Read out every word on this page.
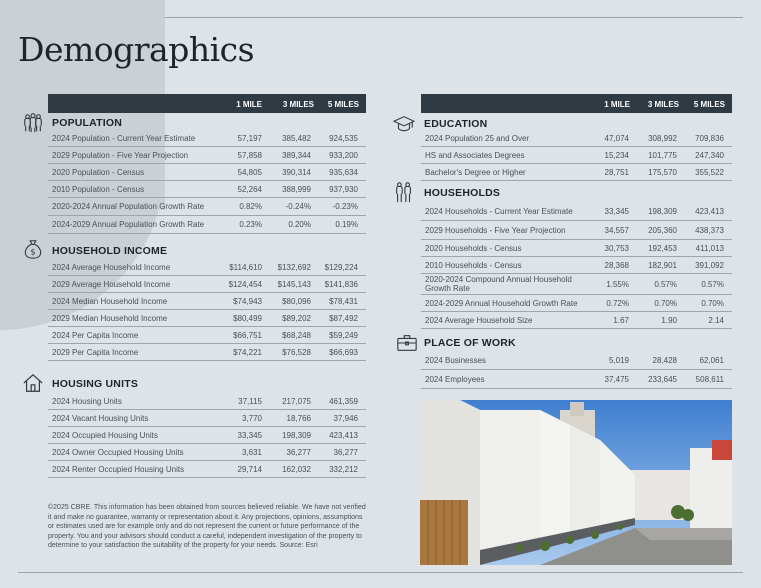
Demographics
1 MILE	3 MILES 5 MILES
POPULATION
2024 Population - Current Year Estimate	57,197	385,482 924,535
2029 Population - Five Year Projection	57,858	389,344 933,200
2020 Population - Census	54,805	390,314 935,634
2010 Population - Census	52,264	388,999 937,930
2020-2024 Annual Population Growth Rate	0.82%	-0.24%	-0.23%
2024-2029 Annual Population Growth Rate	0.23%	0.20%	0.19%
$ HOUSEHOLD INCOME
2024 Average Household Income	$114,610 $132,692 $129,224
2029 Average Household Income	$124,454 $145,143 $141,836
2024 Median Household Income	$74,943	$80,096 $78,431
2029 Median Household Income	$80,499	$89,202 $87,492
2024 Per Capita Income	$66,751	$68,248 $59,249
2029 Per Capita Income	$74,221	$76,528 $66,693
HOUSING UNITS
2024 Housing Units	37,115	217,075 461,359
2024 Vacant Housing Units	3,770	18,766	37,946
2024 Occupied Housing Units	33,345	198,309 423,413
2024 Owner Occupied Housing Units	3,631	36,277	36,277
2024 Renter Occupied Housing Units	29,714	162,032 332,212
1 MILE 3 MILES 5 MILES
EDUCATION
2024 Population 25 and Over	47,074 308,992 709,836
HS and Associates Degrees	15,234 101,775 247,340
Bachelor's Degree or Higher	28,751 175,570 355,522
HOUSEHOLDS
2024 Households - Current Year Estimate	33,345 198,309 423,413
2029 Households - Five Year Projection	34,557 205,360 438,373
2020 Households - Census	30,753 192,453 411,013
2010 Households - Census	28,368 182,901 391,092
2020-2024 Compound Annual Household Growth Rate	1.55%	0.57%	0.57%
2024-2029 Annual Household Growth Rate	0.72%	0.70%	0.70%
2024 Average Household Size	1.67	1.90	2.14
PLACE OF WORK
2024 Businesses	5,019	28,428	62,061
2024 Employees	37,475 233,645 508,611
©2025 CBRE. This information has been obtained from sources believed reliable. We have not verified it and make no guarantee, warranty or representation about it. Any projections, opinions, assumptions or estimates used are for example only and do not represent the current or future performance of the property. You and your advisors should conduct a careful, independent investigation of the property to determine to your satisfaction the suitability of the property for your needs. Source: Esri
